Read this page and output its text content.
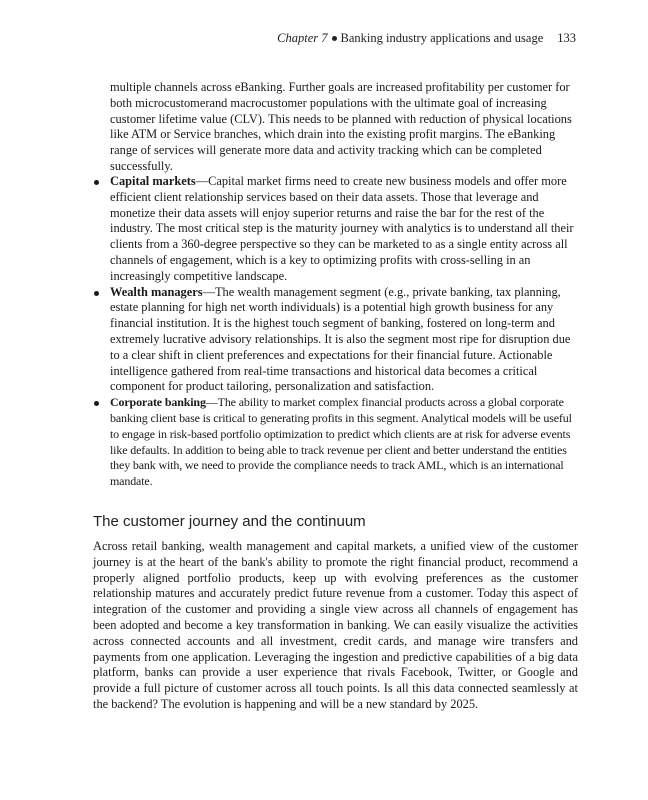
Chapter 7 Banking industry applications and usage 133
multiple channels across eBanking. Further goals are increased profitability per customer for both microcustomerand macrocustomer populations with the ultimate goal of increasing customer lifetime value (CLV). This needs to be planned with reduction of physical locations like ATM or Service branches, which drain into the existing profit margins. The eBanking range of services will generate more data and activity tracking which can be completed successfully.
Capital markets—Capital market firms need to create new business models and offer more efficient client relationship services based on their data assets. Those that leverage and monetize their data assets will enjoy superior returns and raise the bar for the rest of the industry. The most critical step is the maturity journey with analytics is to understand all their clients from a 360-degree perspective so they can be marketed to as a single entity across all channels of engagement, which is a key to optimizing profits with cross-selling in an increasingly competitive landscape.
Wealth managers—The wealth management segment (e.g., private banking, tax planning, estate planning for high net worth individuals) is a potential high growth business for any financial institution. It is the highest touch segment of banking, fostered on long-term and extremely lucrative advisory relationships. It is also the segment most ripe for disruption due to a clear shift in client preferences and expectations for their financial future. Actionable intelligence gathered from real-time transactions and historical data becomes a critical component for product tailoring, personalization and satisfaction.
Corporate banking—The ability to market complex financial products across a global corporate banking client base is critical to generating profits in this segment. Analytical models will be useful to engage in risk-based portfolio optimization to predict which clients are at risk for adverse events like defaults. In addition to being able to track revenue per client and better understand the entities they bank with, we need to provide the compliance needs to track AML, which is an international mandate.
The customer journey and the continuum
Across retail banking, wealth management and capital markets, a unified view of the customer journey is at the heart of the bank's ability to promote the right financial product, recommend a properly aligned portfolio products, keep up with evolving preferences as the customer relationship matures and accurately predict future revenue from a customer. Today this aspect of integration of the customer and providing a single view across all channels of engagement has been adopted and become a key transformation in banking. We can easily visualize the activities across connected accounts and all investment, credit cards, and manage wire transfers and payments from one application. Leveraging the ingestion and predictive capabilities of a big data platform, banks can provide a user experience that rivals Facebook, Twitter, or Google and provide a full picture of customer across all touch points. Is all this data connected seamlessly at the backend? The evolution is happening and will be a new standard by 2025.
